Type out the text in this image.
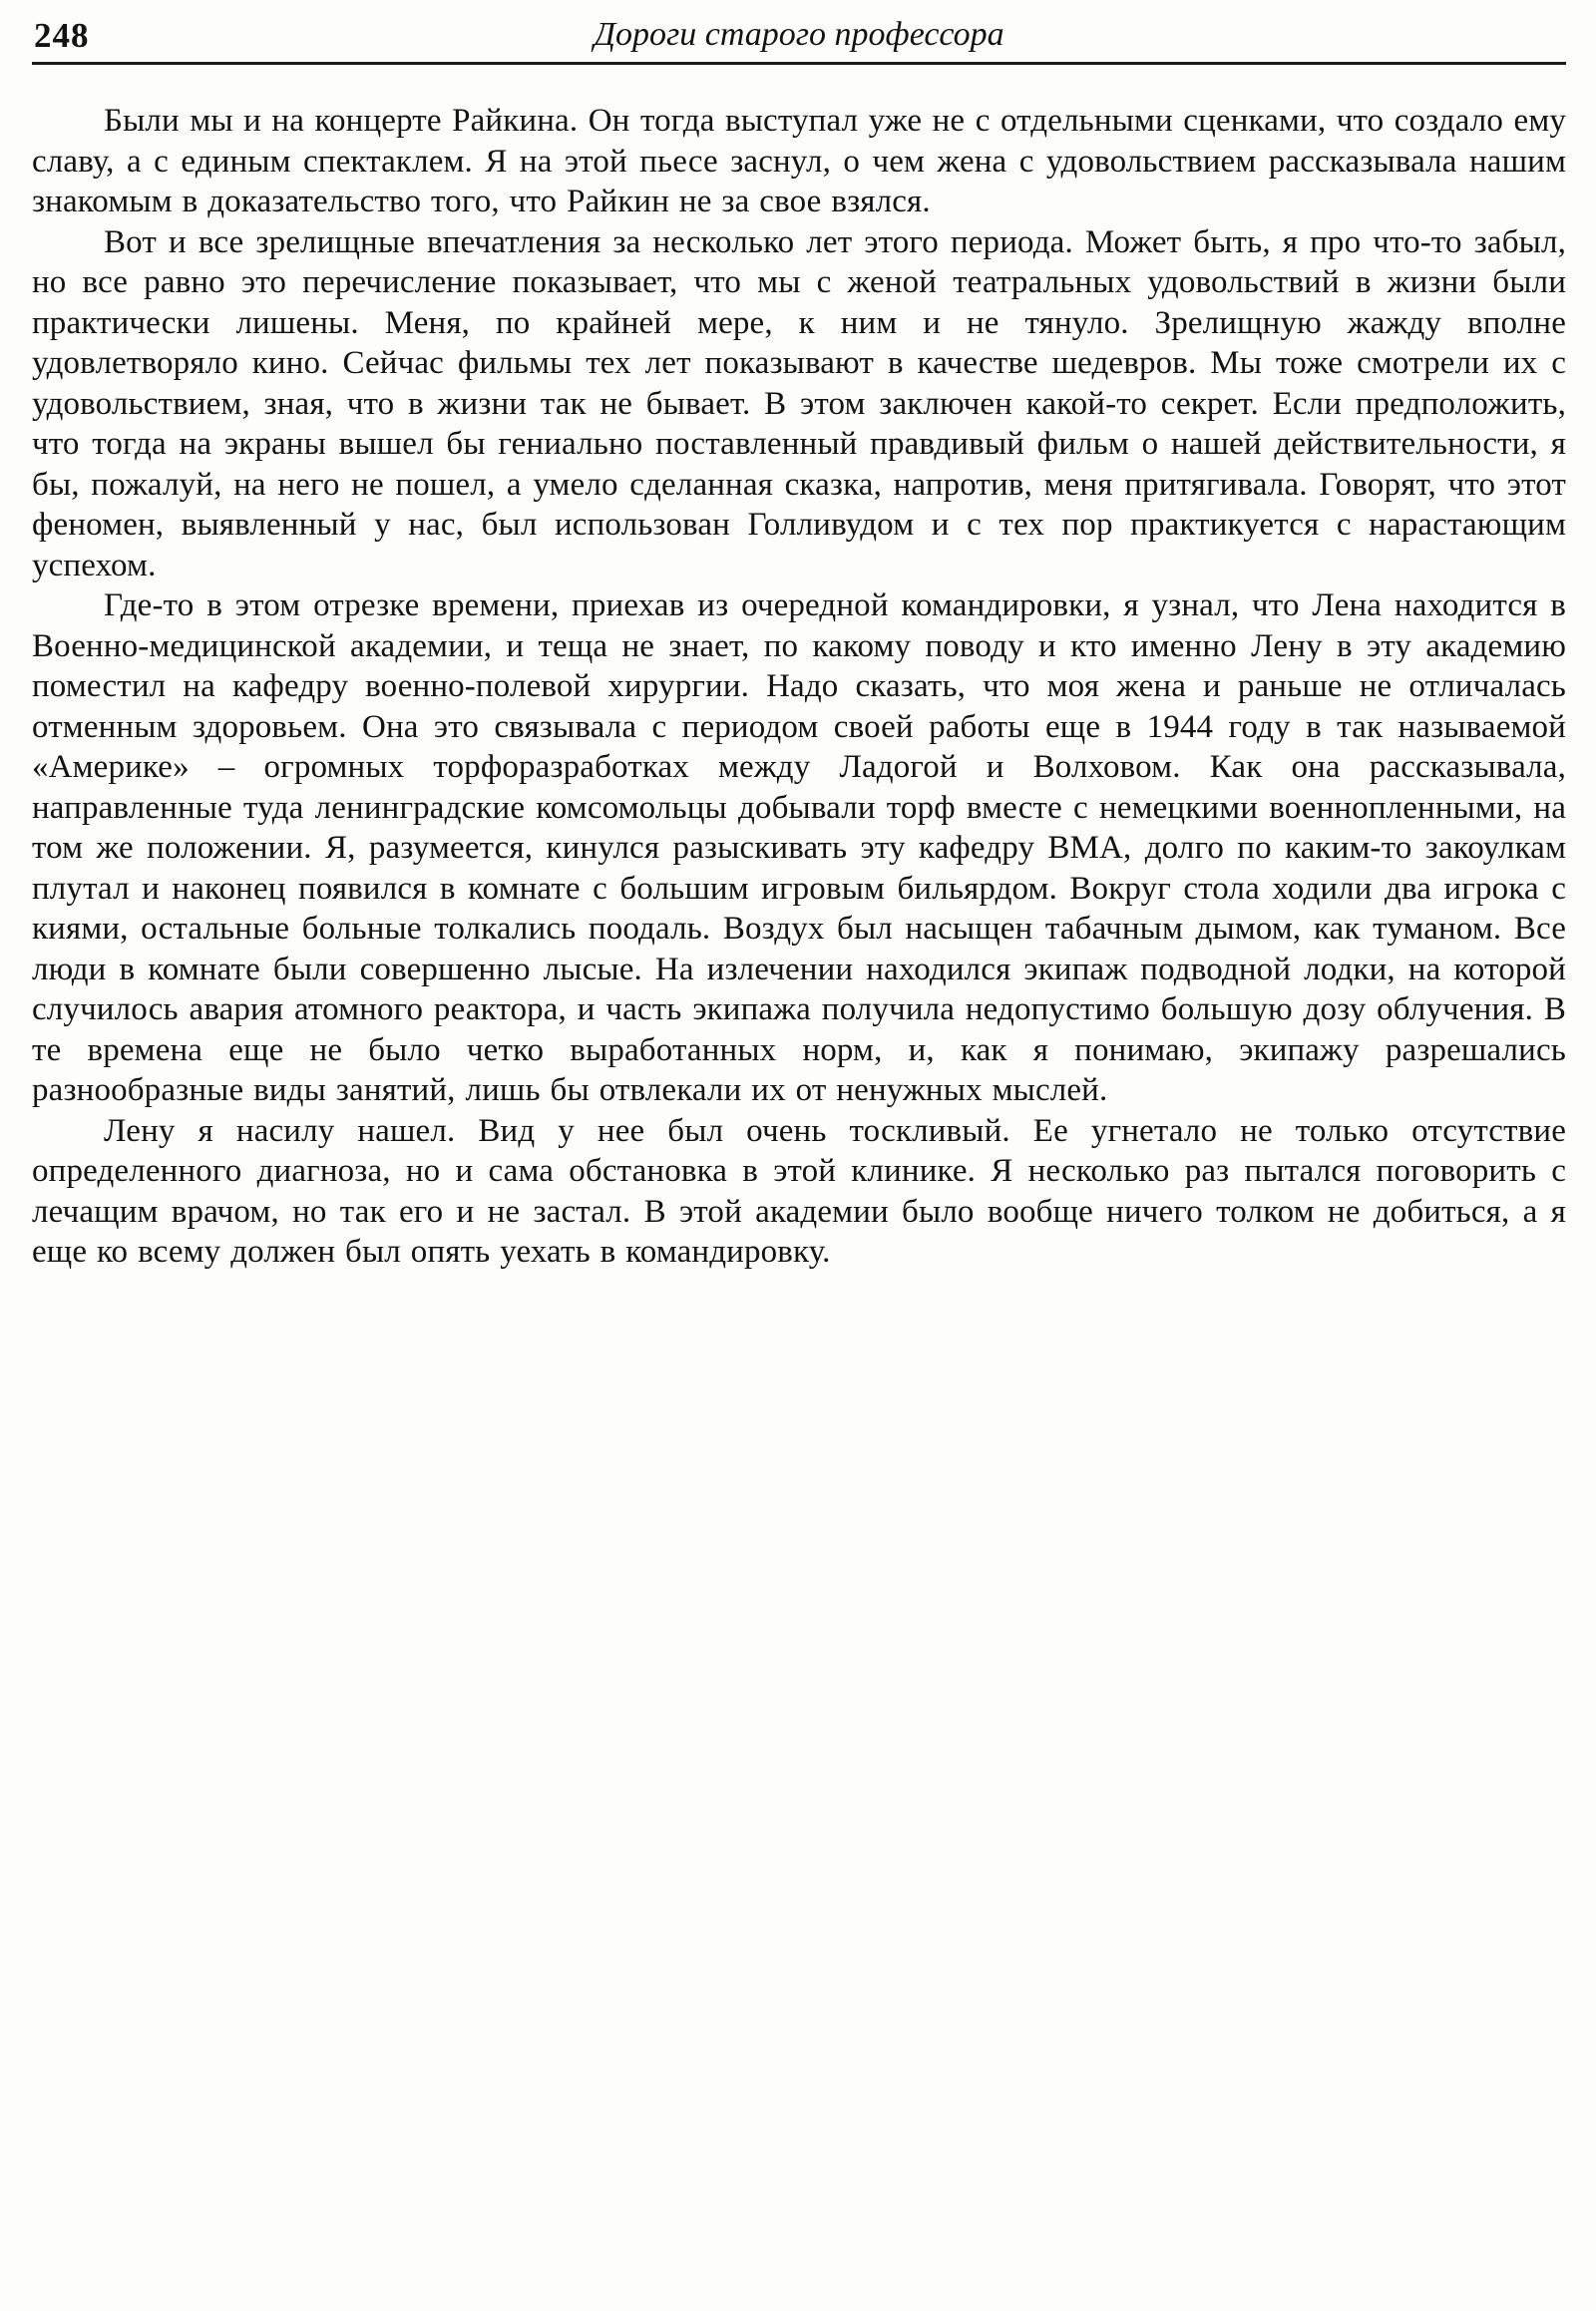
248	Дороги старого профессора

Были мы и на концерте Райкина. Он тогда выступал уже не с отдельными сценками, что создало ему славу, а с единым спектаклем. Я на этой пьесе заснул, о чем жена с удовольствием рассказывала нашим знакомым в доказательство того, что Райкин не за свое взялся.

Вот и все зрелищные впечатления за несколько лет этого периода. Может быть, я про что-то забыл, но все равно это перечисление показывает, что мы с женой театральных удовольствий в жизни были практически лишены. Меня, по крайней мере, к ним и не тянуло. Зрелищную жажду вполне удовлетворяло кино. Сейчас фильмы тех лет показывают в качестве шедевров. Мы тоже смотрели их с удовольствием, зная, что в жизни так не бывает. В этом заключен какой-то секрет. Если предположить, что тогда на экраны вышел бы гениально поставленный правдивый фильм о нашей действительности, я бы, пожалуй, на него не пошел, а умело сделанная сказка, напротив, меня притягивала. Говорят, что этот феномен, выявленный у нас, был использован Голливудом и с тех пор практикуется с нарастающим успехом.

Где-то в этом отрезке времени, приехав из очередной командировки, я узнал, что Лена находится в Военно-медицинской академии, и теща не знает, по какому поводу и кто именно Лену в эту академию поместил на кафедру военно-полевой хирургии. Надо сказать, что моя жена и раньше не отличалась отменным здоровьем. Она это связывала с периодом своей работы еще в 1944 году в так называемой «Америке» – огромных торфоразработках между Ладогой и Волховом. Как она рассказывала, направленные туда ленинградские комсомольцы добывали торф вместе с немецкими военнопленными, на том же положении. Я, разумеется, кинулся разыскивать эту кафедру ВМА, долго по каким-то закоулкам плутал и наконец появился в комнате с большим игровым бильярдом. Вокруг стола ходили два игрока с киями, остальные больные толкались поодаль. Воздух был насыщен табачным дымом, как туманом. Все люди в комнате были совершенно лысые. На излечении находился экипаж подводной лодки, на которой случилось авария атомного реактора, и часть экипажа получила недопустимо большую дозу облучения. В те времена еще не было четко выработанных норм, и, как я понимаю, экипажу разрешались разнообразные виды занятий, лишь бы отвлекали их от ненужных мыслей.

Лену я насилу нашел. Вид у нее был очень тоскливый. Ее угнетало не только отсутствие определенного диагноза, но и сама обстановка в этой клинике. Я несколько раз пытался поговорить с лечащим врачом, но так его и не застал. В этой академии было вообще ничего толком не добиться, а я еще ко всему должен был опять уехать в командировку.
